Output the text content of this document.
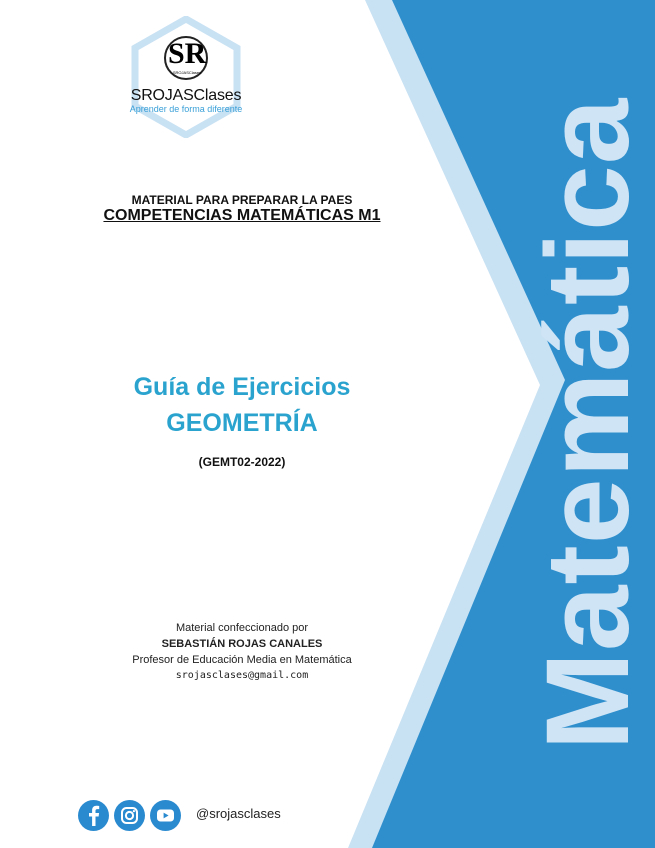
Matemática
SR
SROJASClases
SROJASClases
Aprender de forma diferente
MATERIAL PARA PREPARAR LA PAES
COMPETENCIAS MATEMÁTICAS M1
Guía de Ejercicios
GEOMETRÍA
(GEMT02-2022)
Material confeccionado por
SEBASTIÁN ROJAS CANALES
Profesor de Educación Media en Matemática
srojasclases@gmail.com
@srojasclases
